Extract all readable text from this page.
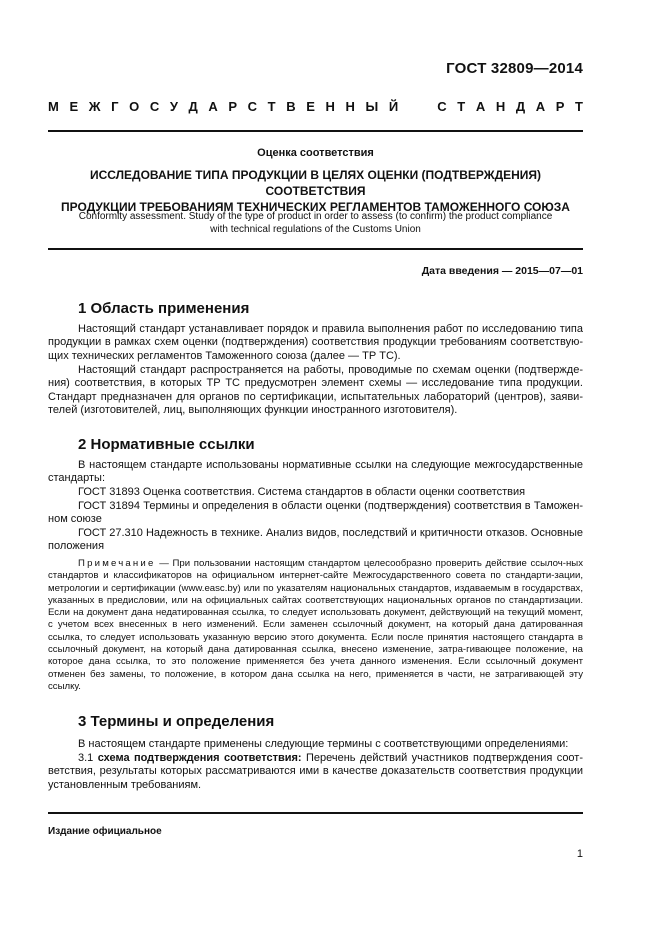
ГОСТ 32809—2014
М Е Ж Г О С У Д А Р С Т В Е Н Н Ы Й

	С Т А Н Д А Р Т
Оценка соответствия
ИССЛЕДОВАНИЕ ТИПА ПРОДУКЦИИ В ЦЕЛЯХ ОЦЕНКИ (ПОДТВЕРЖДЕНИЯ) СООТВЕТСТВИЯ
ПРОДУКЦИИ ТРЕБОВАНИЯМ ТЕХНИЧЕСКИХ РЕГЛАМЕНТОВ ТАМОЖЕННОГО СОЮЗА
Conformity assessment. Study of the type of product in order to assess (to confirm) the product compliance
with technical regulations of the Customs Union
Дата введения — 2015—07—01
1 Область применения
Настоящий стандарт устанавливает порядок и правила выполнения работ по исследованию типа продукции в рамках схем оценки (подтверждения) соответствия продукции требованиям соответствую-щих технических регламентов Таможенного союза (далее — ТР ТС).
Настоящий стандарт распространяется на работы, проводимые по схемам оценки (подтвержде-ния) соответствия, в которых ТР ТС предусмотрен элемент схемы — исследование типа продукции. Стандарт предназначен для органов по сертификации, испытательных лабораторий (центров), заяви-телей (изготовителей, лиц, выполняющих функции иностранного изготовителя).
2 Нормативные ссылки
В настоящем стандарте использованы нормативные ссылки на следующие межгосударственные стандарты:
ГОСТ 31893 Оценка соответствия. Система стандартов в области оценки соответствия
ГОСТ 31894 Термины и определения в области оценки (подтверждения) соответствия в Таможен-ном союзе
ГОСТ 27.310 Надежность в технике. Анализ видов, последствий и критичности отказов. Основные положения
Примечание — При пользовании настоящим стандартом целесообразно проверить действие ссылоч-ных стандартов и классификаторов на официальном интернет-сайте Межгосударственного совета по стандарти-зации, метрологии и сертификации (www.easc.by) или по указателям национальных стандартов, издаваемым в государствах, указанных в предисловии, или на официальных сайтах соответствующих национальных органов по стандартизации. Если на документ дана недатированная ссылка, то следует использовать документ, действующий на текущий момент, с учетом всех внесенных в него изменений. Если заменен ссылочный документ, на который дана датированная ссылка, то следует использовать указанную версию этого документа. Если после принятия настоящего стандарта в ссылочный документ, на который дана датированная ссылка, внесено изменение, затра-гивающее положение, на которое дана ссылка, то это положение применяется без учета данного изменения. Если ссылочный документ отменен без замены, то положение, в котором дана ссылка на него, применяется в части, не затрагивающей эту ссылку.
3 Термины и определения
В настоящем стандарте применены следующие термины с соответствующими определениями:
3.1 схема подтверждения соответствия: Перечень действий участников подтверждения соот-ветствия, результаты которых рассматриваются ими в качестве доказательств соответствия продукции установленным требованиям.
Издание официальное
1
